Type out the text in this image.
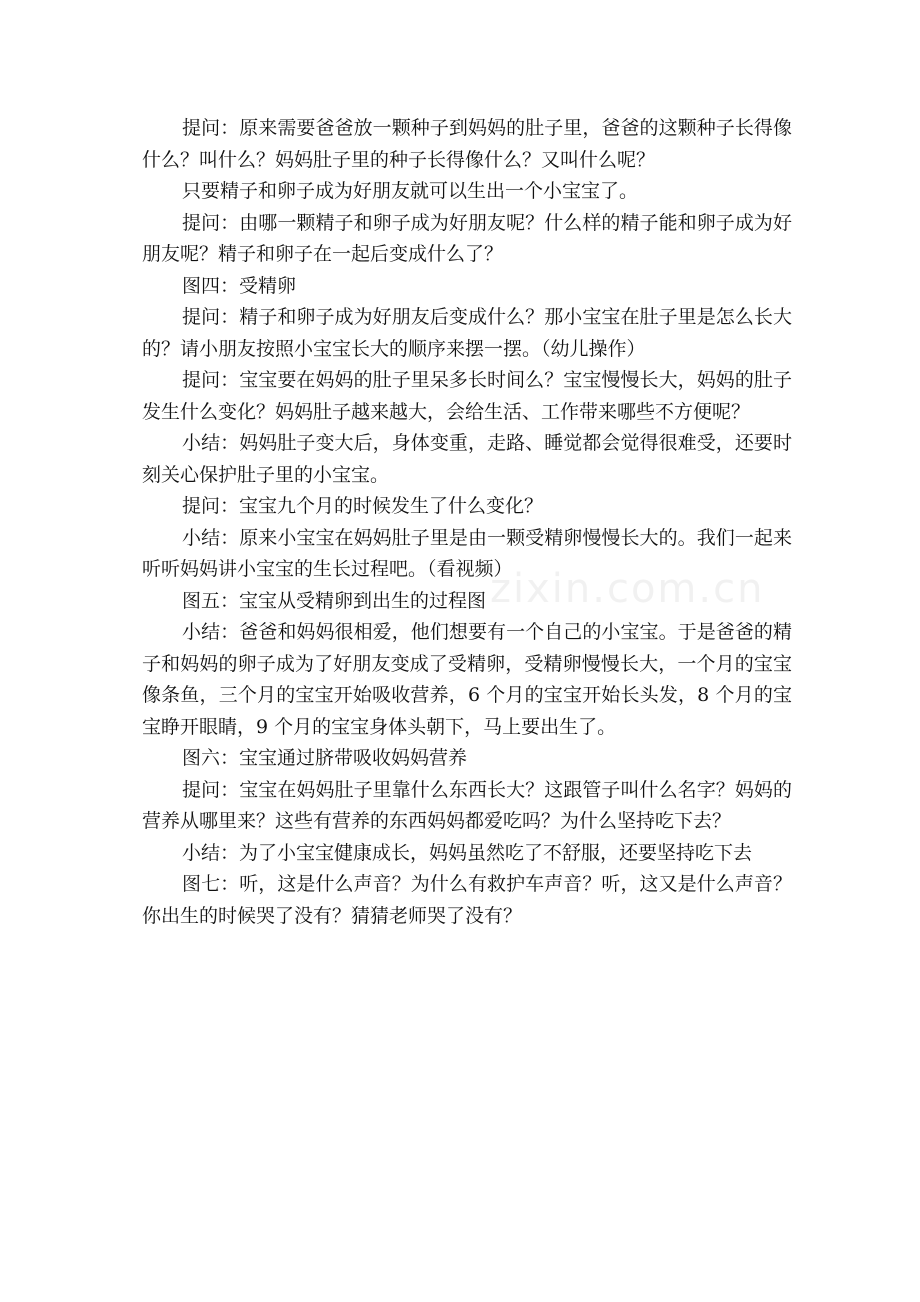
提问：原来需要爸爸放一颗种子到妈妈的肚子里，爸爸的这颗种子长得像什么？叫什么？妈妈肚子里的种子长得像什么？又叫什么呢？

只要精子和卵子成为好朋友就可以生出一个小宝宝了。

提问：由哪一颗精子和卵子成为好朋友呢？什么样的精子能和卵子成为好朋友呢？精子和卵子在一起后变成什么了？

图四：受精卵

提问：精子和卵子成为好朋友后变成什么？那小宝宝在肚子里是怎么长大的？请小朋友按照小宝宝长大的顺序来摆一摆。（幼儿操作）

提问：宝宝要在妈妈的肚子里呆多长时间么？宝宝慢慢长大，妈妈的肚子发生什么变化？妈妈肚子越来越大，会给生活、工作带来哪些不方便呢？

小结：妈妈肚子变大后，身体变重，走路、睡觉都会觉得很难受，还要时刻关心保护肚子里的小宝宝。

提问：宝宝九个月的时候发生了什么变化？

小结：原来小宝宝在妈妈肚子里是由一颗受精卵慢慢长大的。我们一起来听听妈妈讲小宝宝的生长过程吧。（看视频）

图五：宝宝从受精卵到出生的过程图

小结：爸爸和妈妈很相爱，他们想要有一个自己的小宝宝。于是爸爸的精子和妈妈的卵子成为了好朋友变成了受精卵，受精卵慢慢长大，一个月的宝宝像条鱼，三个月的宝宝开始吸收营养，6 个月的宝宝开始长头发，8 个月的宝宝睁开眼睛，9 个月的宝宝身体头朝下，马上要出生了。

图六：宝宝通过脐带吸收妈妈营养

提问：宝宝在妈妈肚子里靠什么东西长大？这跟管子叫什么名字？妈妈的营养从哪里来？这些有营养的东西妈妈都爱吃吗？为什么坚持吃下去？

小结：为了小宝宝健康成长，妈妈虽然吃了不舒服，还要坚持吃下去

图七：听，这是什么声音？为什么有救护车声音？听，这又是什么声音？你出生的时候哭了没有？猜猜老师哭了没有？

zixin.com.cn
